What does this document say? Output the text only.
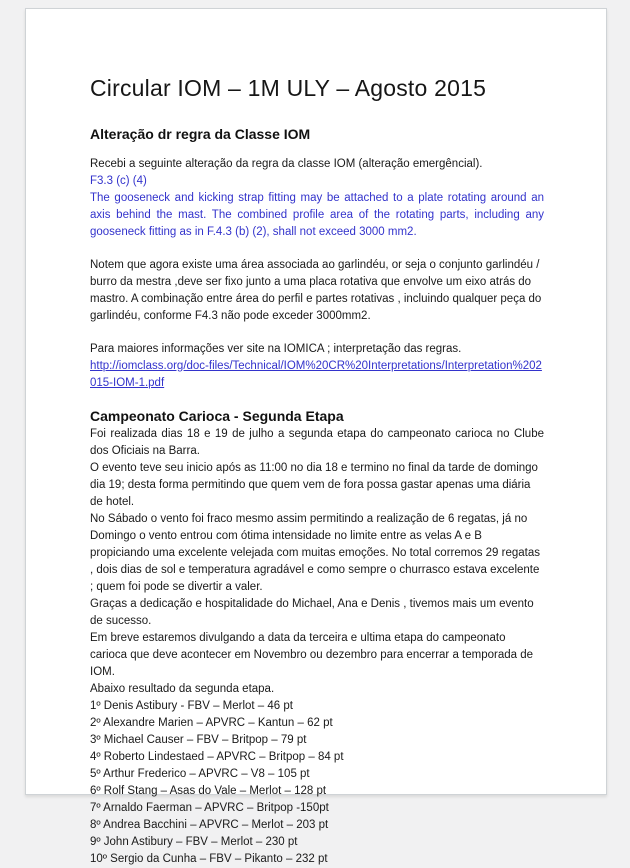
Circular IOM – 1M ULY – Agosto 2015
Alteração dr regra da Classe IOM

Recebi a seguinte alteração da regra da classe IOM (alteração emergêncial).

F3.3 (c) (4)

The gooseneck and kicking strap fitting may be attached to a plate rotating around an axis behind the mast. The combined profile area of the rotating parts, including any gooseneck fitting as in F.4.3 (b) (2), shall not exceed 3000 mm2.

Notem que agora existe uma área associada ao garlindéu, or seja o conjunto garlindéu / burro da mestra ,deve ser fixo junto a uma placa rotativa que envolve um eixo atrás do mastro. A combinação entre área do perfil e partes rotativas , incluindo qualquer peça do garlindéu, conforme F4.3 não pode exceder 3000mm2.

Para maiores informações ver site na IOMICA ; interpretação das regras.

http://iomclass.org/doc-files/Technical/IOM%20CR%20Interpretations/Interpretation%202015-IOM-1.pdf
Campeonato Carioca - Segunda Etapa

Foi realizada dias 18 e 19 de julho a segunda etapa do campeonato carioca no Clube dos Oficiais na Barra.

O evento teve seu inicio após as 11:00 no dia 18 e termino no final da tarde de domingo dia 19; desta forma permitindo que quem vem de fora possa gastar apenas uma diária de hotel.

No Sábado o vento foi fraco mesmo assim permitindo a realização de 6 regatas, já no Domingo o vento entrou com ótima intensidade no limite entre as velas A e B propiciando uma excelente velejada com muitas emoções. No total corremos 29 regatas , dois dias de sol e temperatura agradável e como sempre o churrasco estava excelente ; quem foi pode se divertir a valer.

Graças a dedicação e hospitalidade do Michael, Ana e Denis , tivemos mais um evento de sucesso.

Em breve estaremos divulgando a data da terceira e ultima etapa do campeonato carioca que deve acontecer em Novembro ou dezembro para encerrar a temporada de IOM.

Abaixo resultado da segunda etapa.

1º Denis Astibury - FBV – Merlot – 46 pt
2º Alexandre Marien – APVRC – Kantun – 62 pt
3º Michael Causer – FBV – Britpop – 79 pt
4º Roberto Lindestaed – APVRC – Britpop – 84 pt
5º Arthur Frederico – APVRC – V8 – 105 pt
6º Rolf Stang – Asas do Vale – Merlot – 128 pt
7º Arnaldo Faerman – APVRC – Britpop -150pt
8º Andrea Bacchini – APVRC – Merlot – 203 pt
9º John Astibury – FBV – Merlot – 230 pt
10º Sergio da Cunha – FBV – Pikanto – 232 pt
